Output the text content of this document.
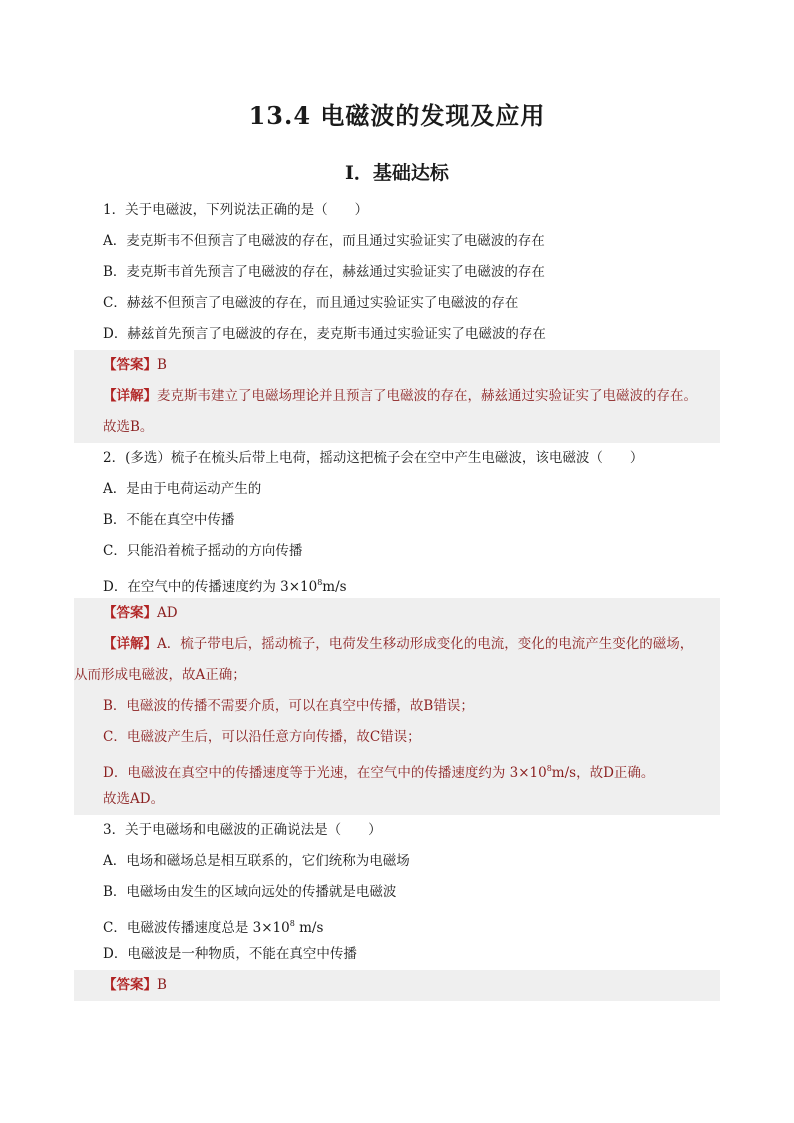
13.4 电磁波的发现及应用
Ⅰ．基础达标
1．关于电磁波，下列说法正确的是（　　）
A．麦克斯韦不但预言了电磁波的存在，而且通过实验证实了电磁波的存在
B．麦克斯韦首先预言了电磁波的存在，赫兹通过实验证实了电磁波的存在
C．赫兹不但预言了电磁波的存在，而且通过实验证实了电磁波的存在
D．赫兹首先预言了电磁波的存在，麦克斯韦通过实验证实了电磁波的存在
【答案】B
【详解】麦克斯韦建立了电磁场理论并且预言了电磁波的存在，赫兹通过实验证实了电磁波的存在。
故选B。
2．(多选）梳子在梳头后带上电荷，摇动这把梳子会在空中产生电磁波，该电磁波（　　）
A．是由于电荷运动产生的
B．不能在真空中传播
C．只能沿着梳子摇动的方向传播
D．在空气中的传播速度约为 $3\times 10^8m/s$
【答案】AD
【详解】A．梳子带电后，摇动梳子，电荷发生移动形成变化的电流，变化的电流产生变化的磁场，
从而形成电磁波，故A正确；
B．电磁波的传播不需要介质，可以在真空中传播，故B错误；
C．电磁波产生后，可以沿任意方向传播，故C错误；
D．电磁波在真空中的传播速度等于光速，在空气中的传播速度约为 $3\times 10^8m/s$，故D正确。
故选AD。
3．关于电磁场和电磁波的正确说法是（　　）
A．电场和磁场总是相互联系的，它们统称为电磁场
B．电磁场由发生的区域向远处的传播就是电磁波
C．电磁波传播速度总是 $3\times 10^8$ m/s
D．电磁波是一种物质，不能在真空中传播
【答案】B
